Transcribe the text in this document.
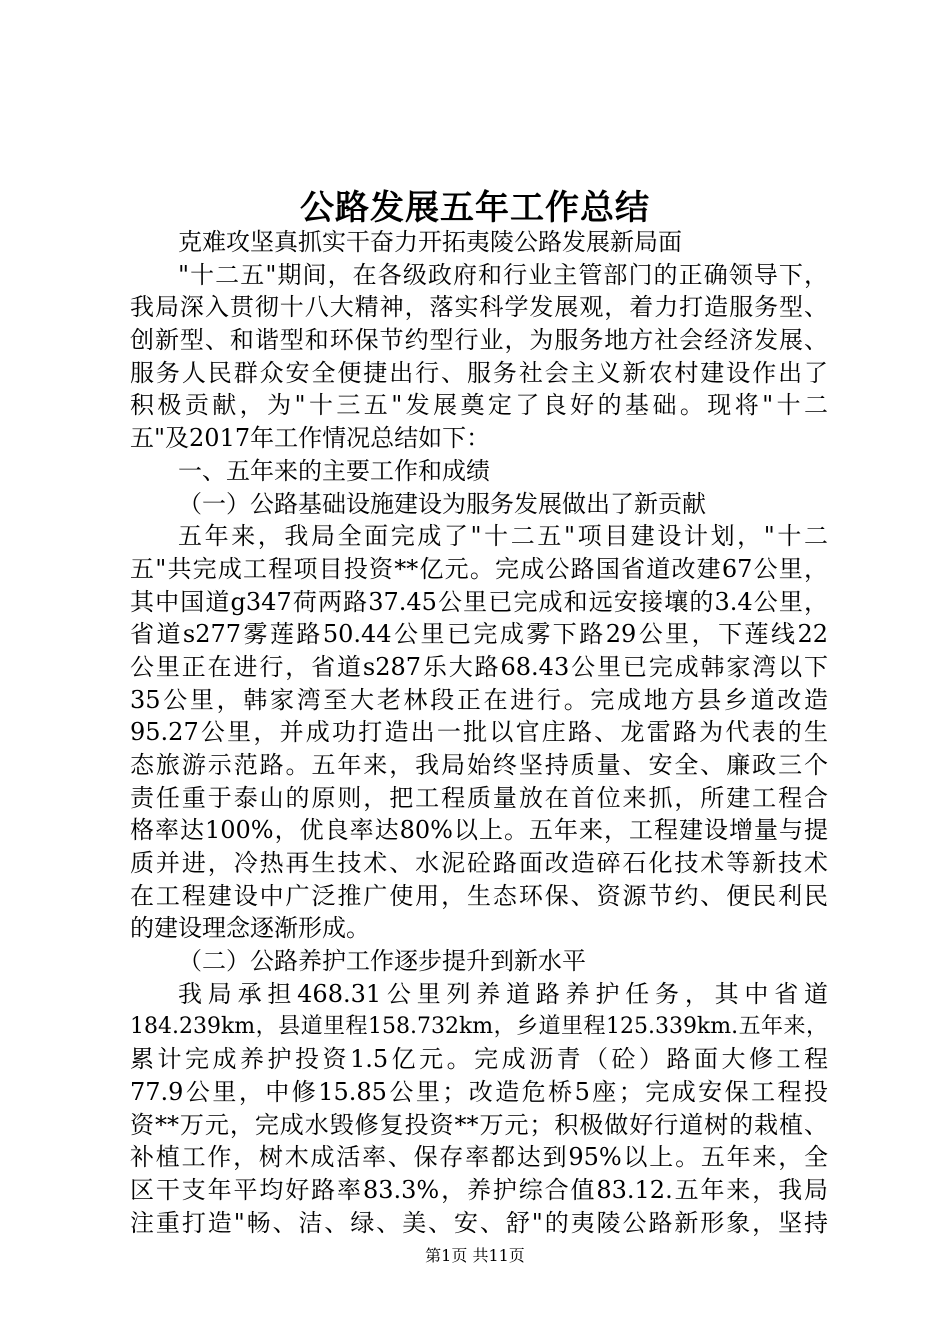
公路发展五年工作总结
克难攻坚真抓实干奋力开拓夷陵公路发展新局面
"十二五"期间，在各级政府和行业主管部门的正确领导下，
我局深入贯彻十八大精神，落实科学发展观，着力打造服务型、
创新型、和谐型和环保节约型行业，为服务地方社会经济发展、
服务人民群众安全便捷出行、服务社会主义新农村建设作出了
积极贡献，为"十三五"发展奠定了良好的基础。现将"十二
五"及2017年工作情况总结如下：
一、五年来的主要工作和成绩
（一）公路基础设施建设为服务发展做出了新贡献
五年来，我局全面完成了"十二五"项目建设计划，"十二
五"共完成工程项目投资**亿元。完成公路国省道改建67公里，
其中国道g347荷两路37.45公里已完成和远安接壤的3.4公里，
省道s277雾莲路50.44公里已完成雾下路29公里，下莲线22
公里正在进行，省道s287乐大路68.43公里已完成韩家湾以下
35公里，韩家湾至大老林段正在进行。完成地方县乡道改造
95.27公里，并成功打造出一批以官庄路、龙雷路为代表的生
态旅游示范路。五年来，我局始终坚持质量、安全、廉政三个
责任重于泰山的原则，把工程质量放在首位来抓，所建工程合
格率达100%，优良率达80%以上。五年来，工程建设增量与提
质并进，冷热再生技术、水泥砼路面改造碎石化技术等新技术
在工程建设中广泛推广使用，生态环保、资源节约、便民利民
的建设理念逐渐形成。
（二）公路养护工作逐步提升到新水平
我局承担468.31公里列养道路养护任务，其中省道
184.239km，县道里程158.732km，乡道里程125.339km.五年来，
累计完成养护投资1.5亿元。完成沥青（砼）路面大修工程
77.9公里，中修15.85公里；改造危桥5座；完成安保工程投
资**万元，完成水毁修复投资**万元；积极做好行道树的栽植、
补植工作，树木成活率、保存率都达到95%以上。五年来，全
区干支年平均好路率83.3%，养护综合值83.12.五年来，我局
注重打造"畅、洁、绿、美、安、舒"的夷陵公路新形象，坚持
第1页 共11页
